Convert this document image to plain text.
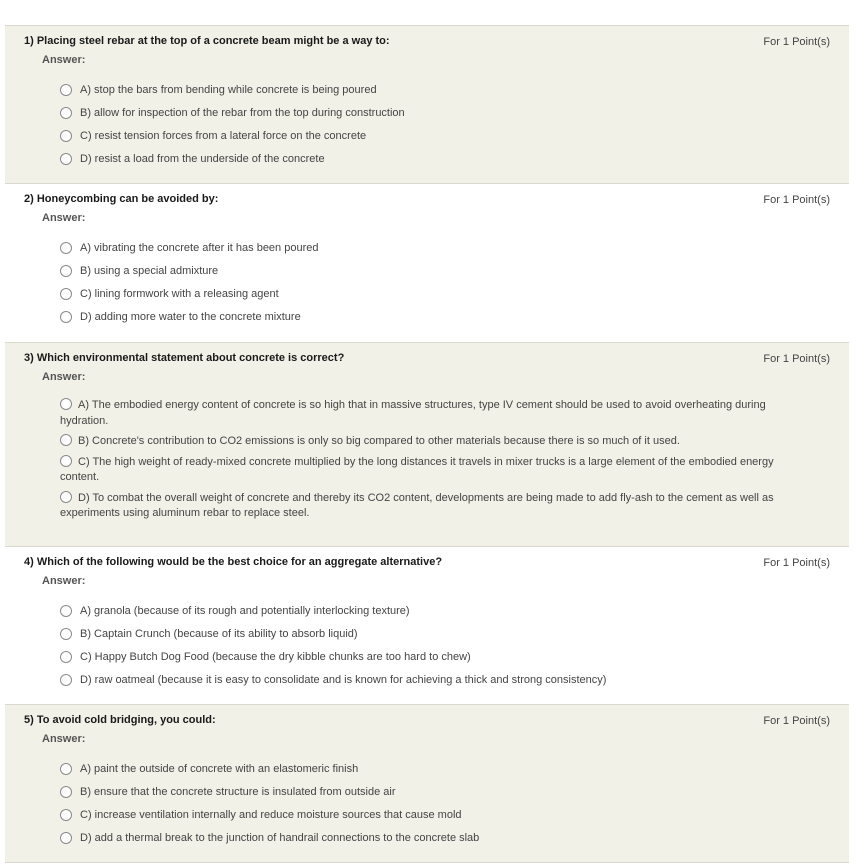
1) Placing steel rebar at the top of a concrete beam might be a way to:	For 1 Point(s)
Answer:
A) stop the bars from bending while concrete is being poured
B) allow for inspection of the rebar from the top during construction
C) resist tension forces from a lateral force on the concrete
D) resist a load from the underside of the concrete

2) Honeycombing can be avoided by:	For 1 Point(s)
Answer:
A) vibrating the concrete after it has been poured
B) using a special admixture
C) lining formwork with a releasing agent
D) adding more water to the concrete mixture

3) Which environmental statement about concrete is correct?	For 1 Point(s)
Answer:
A) The embodied energy content of concrete is so high that in massive structures, type IV cement should be used to avoid overheating during hydration.
B) Concrete's contribution to CO2 emissions is only so big compared to other materials because there is so much of it used.
C) The high weight of ready-mixed concrete multiplied by the long distances it travels in mixer trucks is a large element of the embodied energy content.
D) To combat the overall weight of concrete and thereby its CO2 content, developments are being made to add fly-ash to the cement as well as experiments using aluminum rebar to replace steel.

4) Which of the following would be the best choice for an aggregate alternative?	For 1 Point(s)
Answer:
A) granola (because of its rough and potentially interlocking texture)
B) Captain Crunch (because of its ability to absorb liquid)
C) Happy Butch Dog Food (because the dry kibble chunks are too hard to chew)
D) raw oatmeal (because it is easy to consolidate and is known for achieving a thick and strong consistency)

5) To avoid cold bridging, you could:	For 1 Point(s)
Answer:
A) paint the outside of concrete with an elastomeric finish
B) ensure that the concrete structure is insulated from outside air
C) increase ventilation internally and reduce moisture sources that cause mold
D) add a thermal break to the junction of handrail connections to the concrete slab
